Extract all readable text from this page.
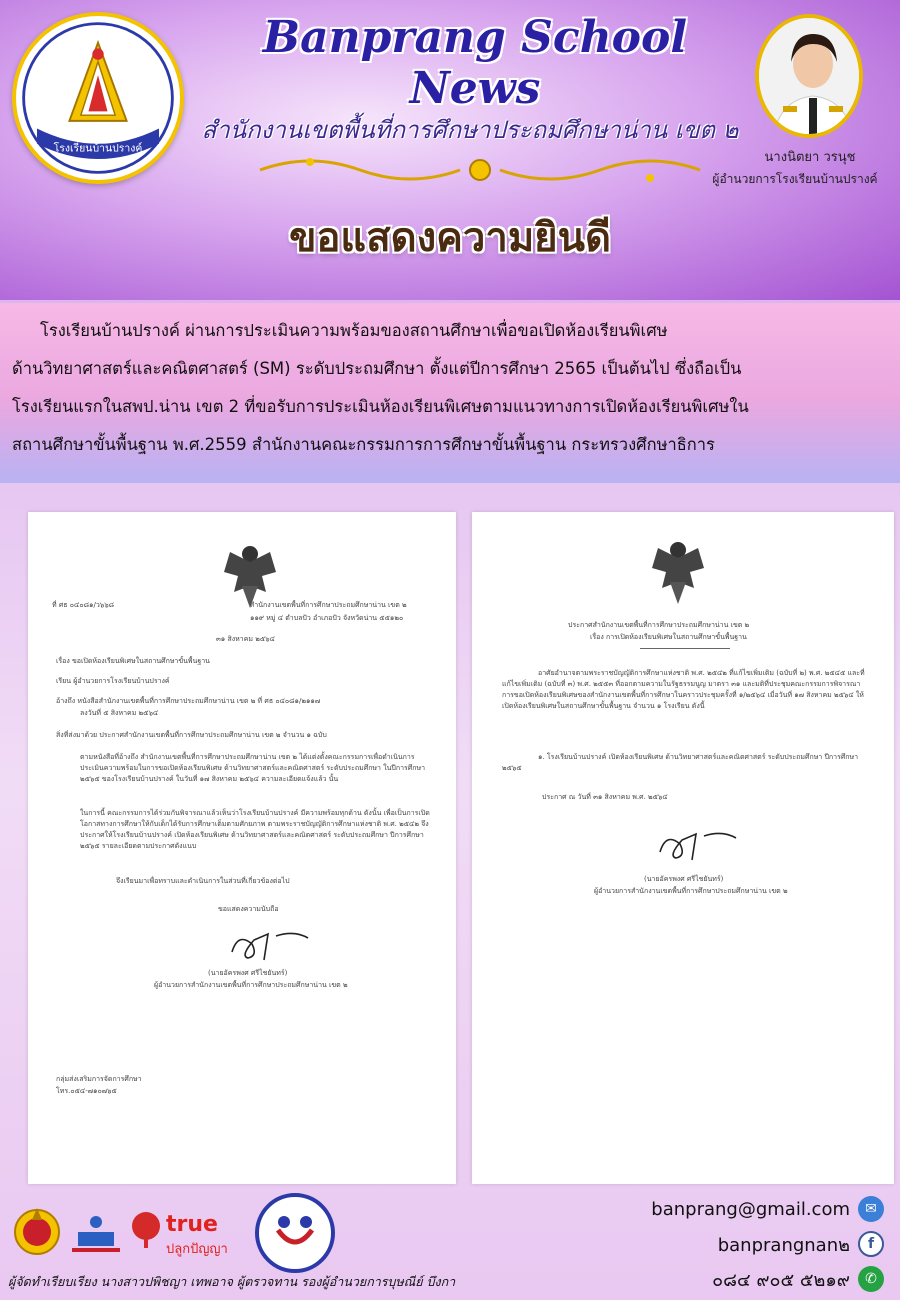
โรงเรียนบ้านปรางค์
Banprang School News
สำนักงานเขตพื้นที่การศึกษาประถมศึกษาน่าน เขต ๒
นางนิตยา วรนุช
ผู้อำนวยการโรงเรียนบ้านปรางค์
ขอแสดงความยินดี

โรงเรียนบ้านปรางค์ ผ่านการประเมินความพร้อมของสถานศึกษาเพื่อขอเปิดห้องเรียนพิเศษ

ด้านวิทยาศาสตร์และคณิตศาสตร์ (SM) ระดับประถมศึกษา ตั้งแต่ปีการศึกษา 2565 เป็นต้นไป ซึ่งถือเป็น

โรงเรียนแรกในสพป.น่าน เขต 2 ที่ขอรับการประเมินห้องเรียนพิเศษตามแนวทางการเปิดห้องเรียนพิเศษใน

สถานศึกษาขั้นพื้นฐาน พ.ศ.2559 สำนักงานคณะกรรมการการศึกษาขั้นพื้นฐาน กระทรวงศึกษาธิการ

ที่ ศธ ๐๔๐๘๑/ว๖๖๘	สำนักงานเขตพื้นที่การศึกษาประถมศึกษาน่าน เขต ๒
๑๑๙ หมู่ ๔ ตำบลปัว อำเภอปัว จังหวัดน่าน ๕๕๑๒๐
๓๑ สิงหาคม ๒๕๖๔
เรื่อง ขอเปิดห้องเรียนพิเศษในสถานศึกษาขั้นพื้นฐาน
เรียน ผู้อำนวยการโรงเรียนบ้านปรางค์
อ้างถึง หนังสือสำนักงานเขตพื้นที่การศึกษาประถมศึกษาน่าน เขต ๒ ที่ ศธ ๐๔๐๘๑/๒๑๑๗
ลงวันที่ ๕ สิงหาคม ๒๕๖๔
สิ่งที่ส่งมาด้วย ประกาศสำนักงานเขตพื้นที่การศึกษาประถมศึกษาน่าน เขต ๒ จำนวน ๑ ฉบับ
ตามหนังสือที่อ้างถึง สำนักงานเขตพื้นที่การศึกษาประถมศึกษาน่าน เขต ๒ ได้แต่งตั้งคณะกรรมการเพื่อดำเนินการประเมินความพร้อมในการขอเปิดห้องเรียนพิเศษ ด้านวิทยาศาสตร์และคณิตศาสตร์ ระดับประถมศึกษา ในปีการศึกษา ๒๕๖๕ ของโรงเรียนบ้านปรางค์ ในวันที่ ๑๗ สิงหาคม ๒๕๖๔ ความละเอียดแจ้งแล้ว นั้น
ในการนี้ คณะกรรมการได้ร่วมกันพิจารณาแล้วเห็นว่าโรงเรียนบ้านปรางค์ มีความพร้อมทุกด้าน ดังนั้น เพื่อเป็นการเปิดโอกาสทางการศึกษาให้กับเด็กได้รับการศึกษาเต็มตามศักยภาพ ตามพระราชบัญญัติการศึกษาแห่งชาติ พ.ศ. ๒๕๔๒ จึงประกาศให้โรงเรียนบ้านปรางค์ เปิดห้องเรียนพิเศษ ด้านวิทยาศาสตร์และคณิตศาสตร์ ระดับประถมศึกษา ปีการศึกษา ๒๕๖๕ รายละเอียดตามประกาศดังแนบ
จึงเรียนมาเพื่อทราบและดำเนินการในส่วนที่เกี่ยวข้องต่อไป
ขอแสดงความนับถือ
(นายอัครพงศ ศรีไชยันทร์)
ผู้อำนวยการสำนักงานเขตพื้นที่การศึกษาประถมศึกษาน่าน เขต ๒
กลุ่มส่งเสริมการจัดการศึกษา
โทร.๐๕๔-๗๑๐๗๖๕
ประกาศสำนักงานเขตพื้นที่การศึกษาประถมศึกษาน่าน เขต ๒
เรื่อง การเปิดห้องเรียนพิเศษในสถานศึกษาขั้นพื้นฐาน
อาศัยอำนาจตามพระราชบัญญัติการศึกษาแห่งชาติ พ.ศ. ๒๕๔๒ ที่แก้ไขเพิ่มเติม (ฉบับที่ ๒) พ.ศ. ๒๕๔๕ และที่แก้ไขเพิ่มเติม (ฉบับที่ ๓) พ.ศ. ๒๕๕๓ ที่ออกตามความในรัฐธรรมนูญ มาตรา ๓๑ และมติที่ประชุมคณะกรรมการพิจารณาการขอเปิดห้องเรียนพิเศษของสำนักงานเขตพื้นที่การศึกษาในคราวประชุมครั้งที่ ๑/๒๕๖๔ เมื่อวันที่ ๑๗ สิงหาคม ๒๕๖๔ ให้เปิดห้องเรียนพิเศษในสถานศึกษาขั้นพื้นฐาน จำนวน ๑ โรงเรียน ดังนี้
๑. โรงเรียนบ้านปรางค์ เปิดห้องเรียนพิเศษ ด้านวิทยาศาสตร์และคณิตศาสตร์ ระดับประถมศึกษา ปีการศึกษา ๒๕๖๕
ประกาศ ณ วันที่ ๓๑ สิงหาคม พ.ศ. ๒๕๖๔
(นายอัครพงศ ศรีไชยันทร์)
ผู้อำนวยการสำนักงานเขตพื้นที่การศึกษาประถมศึกษาน่าน เขต ๒
true
ปลูกปัญญา
banprang@gmail.com	✉
banprangnan๒	f
๐๘๔ ๙๐๕ ๕๒๑๙	✆
ผู้จัดทำเรียบเรียง นางสาวปพิชญา เทพอาจ ผู้ตรวจทาน รองผู้อำนวยการบุษณีย์ บึงกา
